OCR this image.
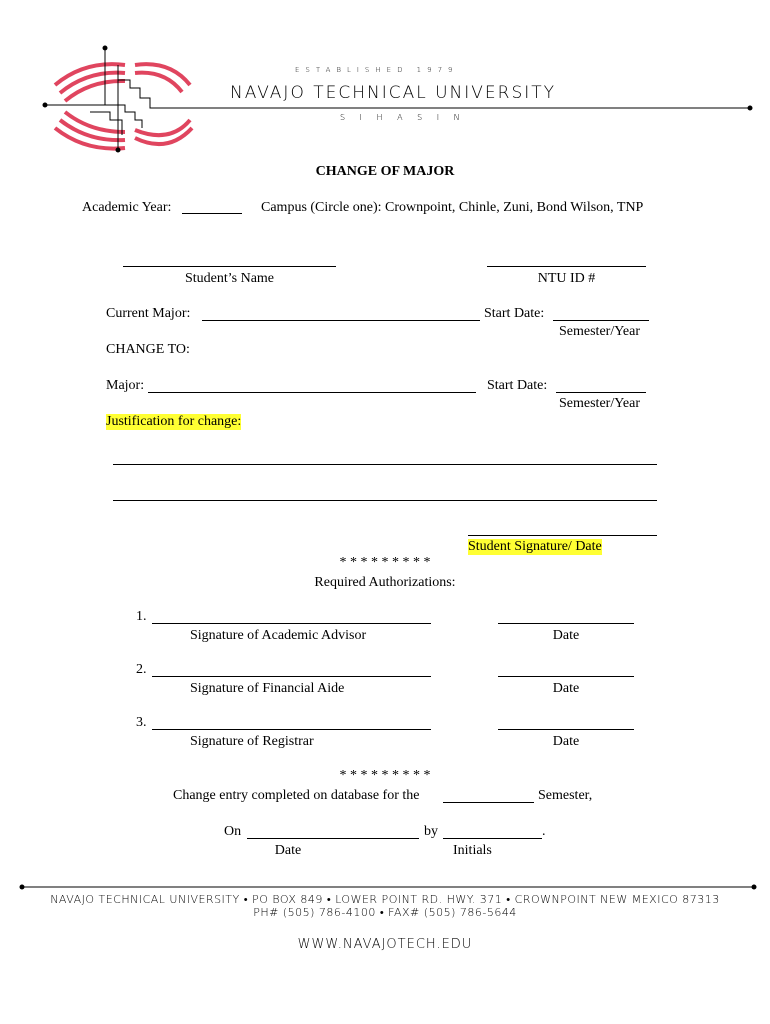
ESTABLISHED 1979
NAVAJO TECHNICAL UNIVERSITY
S I H A S I N
CHANGE OF MAJOR
Academic Year:	Campus (Circle one): Crownpoint, Chinle, Zuni, Bond Wilson, TNP
Student’s Name	NTU ID #
Current Major:	Start Date:
Semester/Year
CHANGE TO:
Major:	Start Date:
Semester/Year
Justification for change:
Student Signature/ Date
* * * * * * * * *
Required Authorizations:
1.
Signature of Academic Advisor	Date
2.
Signature of Financial Aide	Date
3.
Signature of Registrar	Date
* * * * * * * * *
Change entry completed on database for the	Semester,
On	by	.
Date	Initials
NAVAJO TECHNICAL UNIVERSITY • PO BOX 849 • LOWER POINT RD. HWY. 371 • CROWNPOINT NEW MEXICO 87313
PH# (505) 786-4100 • FAX# (505) 786-5644
WWW.NAVAJOTECH.EDU
